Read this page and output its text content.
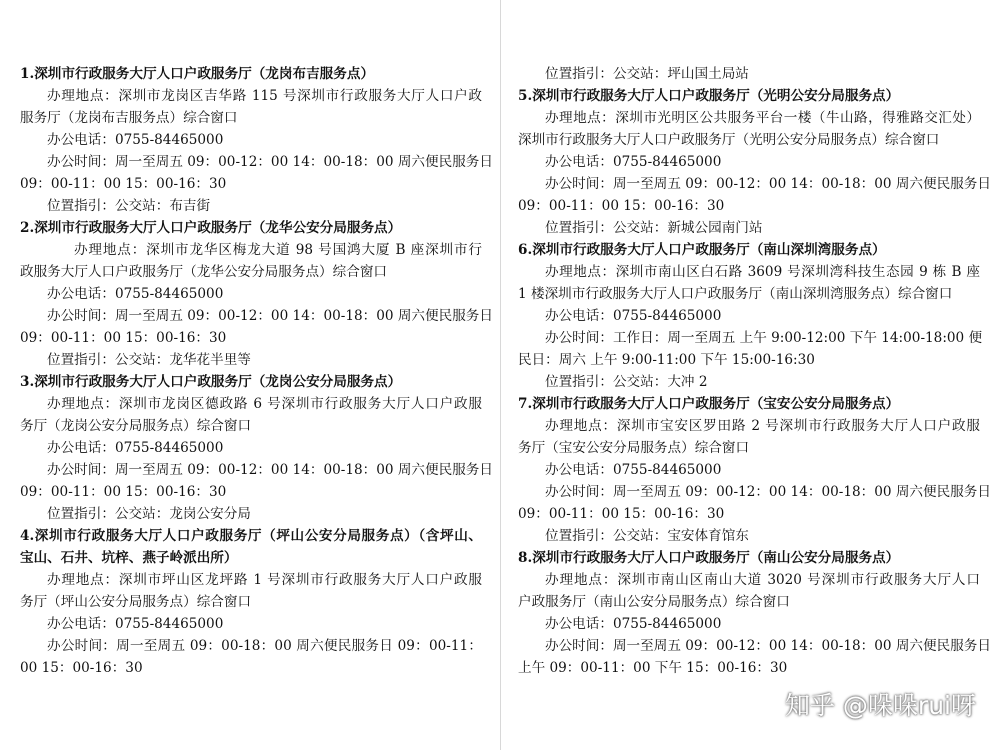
1.深圳市行政服务大厅人口户政服务厅（龙岗布吉服务点）
办理地点：深圳市龙岗区吉华路 115 号深圳市行政服务大厅人口户政
服务厅（龙岗布吉服务点）综合窗口
办公电话：0755-84465000
办公时间：周一至周五 09：00-12：00 14：00-18：00 周六便民服务日
09：00-11：00 15：00-16：30
位置指引：公交站：布吉街
2.深圳市行政服务大厅人口户政服务厅（龙华公安分局服务点）
办理地点：深圳市龙华区梅龙大道 98 号国鸿大厦 B 座深圳市行
政服务大厅人口户政服务厅（龙华公安分局服务点）综合窗口
办公电话：0755-84465000
办公时间：周一至周五 09：00-12：00 14：00-18：00 周六便民服务日
09：00-11：00 15：00-16：30
位置指引：公交站：龙华花半里等
3.深圳市行政服务大厅人口户政服务厅（龙岗公安分局服务点）
办理地点：深圳市龙岗区德政路 6 号深圳市行政服务大厅人口户政服
务厅（龙岗公安分局服务点）综合窗口
办公电话：0755-84465000
办公时间：周一至周五 09：00-12：00 14：00-18：00 周六便民服务日
09：00-11：00 15：00-16：30
位置指引：公交站：龙岗公安分局
4.深圳市行政服务大厅人口户政服务厅（坪山公安分局服务点）（含坪山、
宝山、石井、坑梓、燕子岭派出所）
办理地点：深圳市坪山区龙坪路 1 号深圳市行政服务大厅人口户政服
务厅（坪山公安分局服务点）综合窗口
办公电话：0755-84465000
办公时间：周一至周五 09：00-18：00 周六便民服务日 09：00-11：
00 15：00-16：30
位置指引：公交站：坪山国土局站
5.深圳市行政服务大厅人口户政服务厅（光明公安分局服务点）
办理地点：深圳市光明区公共服务平台一楼（牛山路，得雅路交汇处）
深圳市行政服务大厅人口户政服务厅（光明公安分局服务点）综合窗口
办公电话：0755-84465000
办公时间：周一至周五 09：00-12：00 14：00-18：00 周六便民服务日
09：00-11：00 15：00-16：30
位置指引：公交站：新城公园南门站
6.深圳市行政服务大厅人口户政服务厅（南山深圳湾服务点）
办理地点：深圳市南山区白石路 3609 号深圳湾科技生态园 9 栋 B 座
1 楼深圳市行政服务大厅人口户政服务厅（南山深圳湾服务点）综合窗口
办公电话：0755-84465000
办公时间：工作日：周一至周五 上午 9:00-12:00 下午 14:00-18:00 便
民日：周六 上午 9:00-11:00 下午 15:00-16:30
位置指引：公交站：大冲 2
7.深圳市行政服务大厅人口户政服务厅（宝安公安分局服务点）
办理地点：深圳市宝安区罗田路 2 号深圳市行政服务大厅人口户政服
务厅（宝安公安分局服务点）综合窗口
办公电话：0755-84465000
办公时间：周一至周五 09：00-12：00 14：00-18：00 周六便民服务日
09：00-11：00 15：00-16：30
位置指引：公交站：宝安体育馆东
8.深圳市行政服务大厅人口户政服务厅（南山公安分局服务点）
办理地点：深圳市南山区南山大道 3020 号深圳市行政服务大厅人口
户政服务厅（南山公安分局服务点）综合窗口
办公电话：0755-84465000
办公时间：周一至周五 09：00-12：00 14：00-18：00 周六便民服务日
上午 09：00-11：00 下午 15：00-16：30
知乎 @哚哚rui呀
